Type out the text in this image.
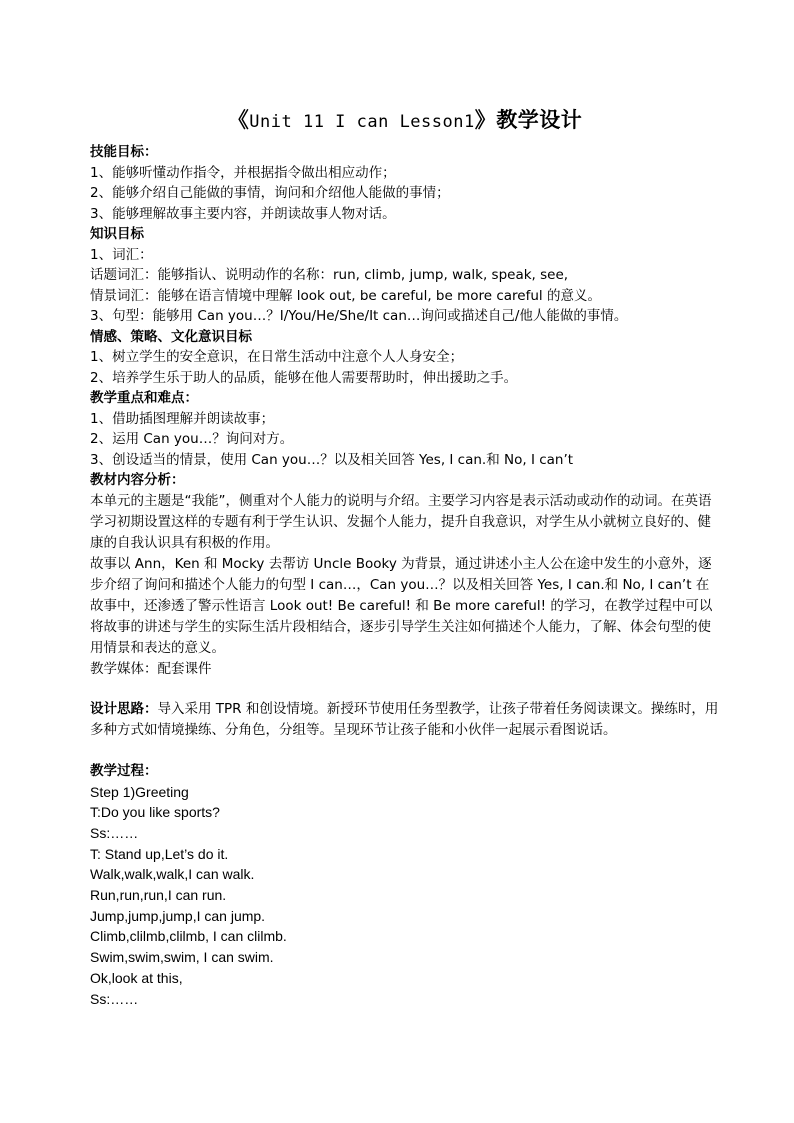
《Unit 11 I can Lesson1》教学设计

技能目标：

1、能够听懂动作指令，并根据指令做出相应动作；

2、能够介绍自己能做的事情，询问和介绍他人能做的事情；

3、能够理解故事主要内容，并朗读故事人物对话。

知识目标

1、词汇：

话题词汇：能够指认、说明动作的名称：run, climb, jump, walk, speak, see,

情景词汇：能够在语言情境中理解 look out, be careful, be more careful 的意义。

3、句型：能够用 Can you…？I/You/He/She/It can…询问或描述自己/他人能做的事情。

情感、策略、文化意识目标

1、树立学生的安全意识，在日常生活动中注意个人人身安全；

2、培养学生乐于助人的品质，能够在他人需要帮助时，伸出援助之手。

教学重点和难点：

1、借助插图理解并朗读故事；

2、运用 Can you…？询问对方。

3、创设适当的情景，使用 Can you…？以及相关回答 Yes, I can.和 No, I can’t

教材内容分析：

本单元的主题是“我能”，侧重对个人能力的说明与介绍。主要学习内容是表示活动或动作的动词。在英语学习初期设置这样的专题有利于学生认识、发掘个人能力，提升自我意识，对学生从小就树立良好的、健康的自我认识具有积极的作用。

故事以 Ann，Ken 和 Mocky 去帮访 Uncle Booky 为背景，通过讲述小主人公在途中发生的小意外，逐步介绍了询问和描述个人能力的句型 I can…，Can you…？以及相关回答 Yes, I can.和 No, I can’t 在故事中，还渗透了警示性语言 Look out! Be careful! 和 Be more careful! 的学习，在教学过程中可以将故事的讲述与学生的实际生活片段相结合，逐步引导学生关注如何描述个人能力，了解、体会句型的使用情景和表达的意义。

教学媒体：配套课件

设计思路：导入采用 TPR 和创设情境。新授环节使用任务型教学，让孩子带着任务阅读课文。操练时，用多种方式如情境操练、分角色，分组等。呈现环节让孩子能和小伙伴一起展示看图说话。

教学过程：

Step 1)Greeting

T:Do you like sports?

Ss:……

T: Stand up,Let’s do it.

Walk,walk,walk,I can walk.

Run,run,run,I can run.

Jump,jump,jump,I can jump.

Climb,clilmb,clilmb, I can clilmb.

Swim,swim,swim, I can swim.

Ok,look at this,

Ss:……
